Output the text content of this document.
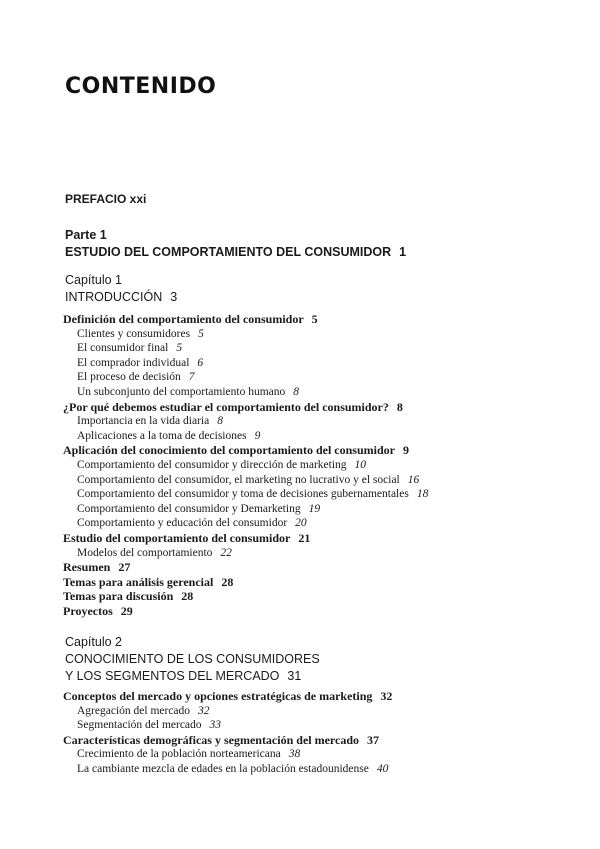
CONTENIDO
PREFACIO xxi
Parte 1
ESTUDIO DEL COMPORTAMIENTO DEL CONSUMIDOR 1
Capítulo 1
INTRODUCCIÓN 3
Definición del comportamiento del consumidor 5
Clientes y consumidores 5
El consumidor final 5
El comprador individual 6
El proceso de decisión 7
Un subconjunto del comportamiento humano 8
¿Por qué debemos estudiar el comportamiento del consumidor? 8
Importancia en la vida diaria 8
Aplicaciones a la toma de decisiones 9
Aplicación del conocimiento del comportamiento del consumidor 9
Comportamiento del consumidor y dirección de marketing 10
Comportamiento del consumidor, el marketing no lucrativo y el social 16
Comportamiento del consumidor y toma de decisiones gubernamentales 18
Comportamiento del consumidor y Demarketing 19
Comportamiento y educación del consumidor 20
Estudio del comportamiento del consumidor 21
Modelos del comportamiento 22
Resumen 27
Temas para análisis gerencial 28
Temas para discusión 28
Proyectos 29
Capítulo 2
CONOCIMIENTO DE LOS CONSUMIDORES
Y LOS SEGMENTOS DEL MERCADO 31
Conceptos del mercado y opciones estratégicas de marketing 32
Agregación del mercado 32
Segmentación del mercado 33
Características demográficas y segmentación del mercado 37
Crecimiento de la población norteamericana 38
La cambiante mezcla de edades en la población estadounidense 40
